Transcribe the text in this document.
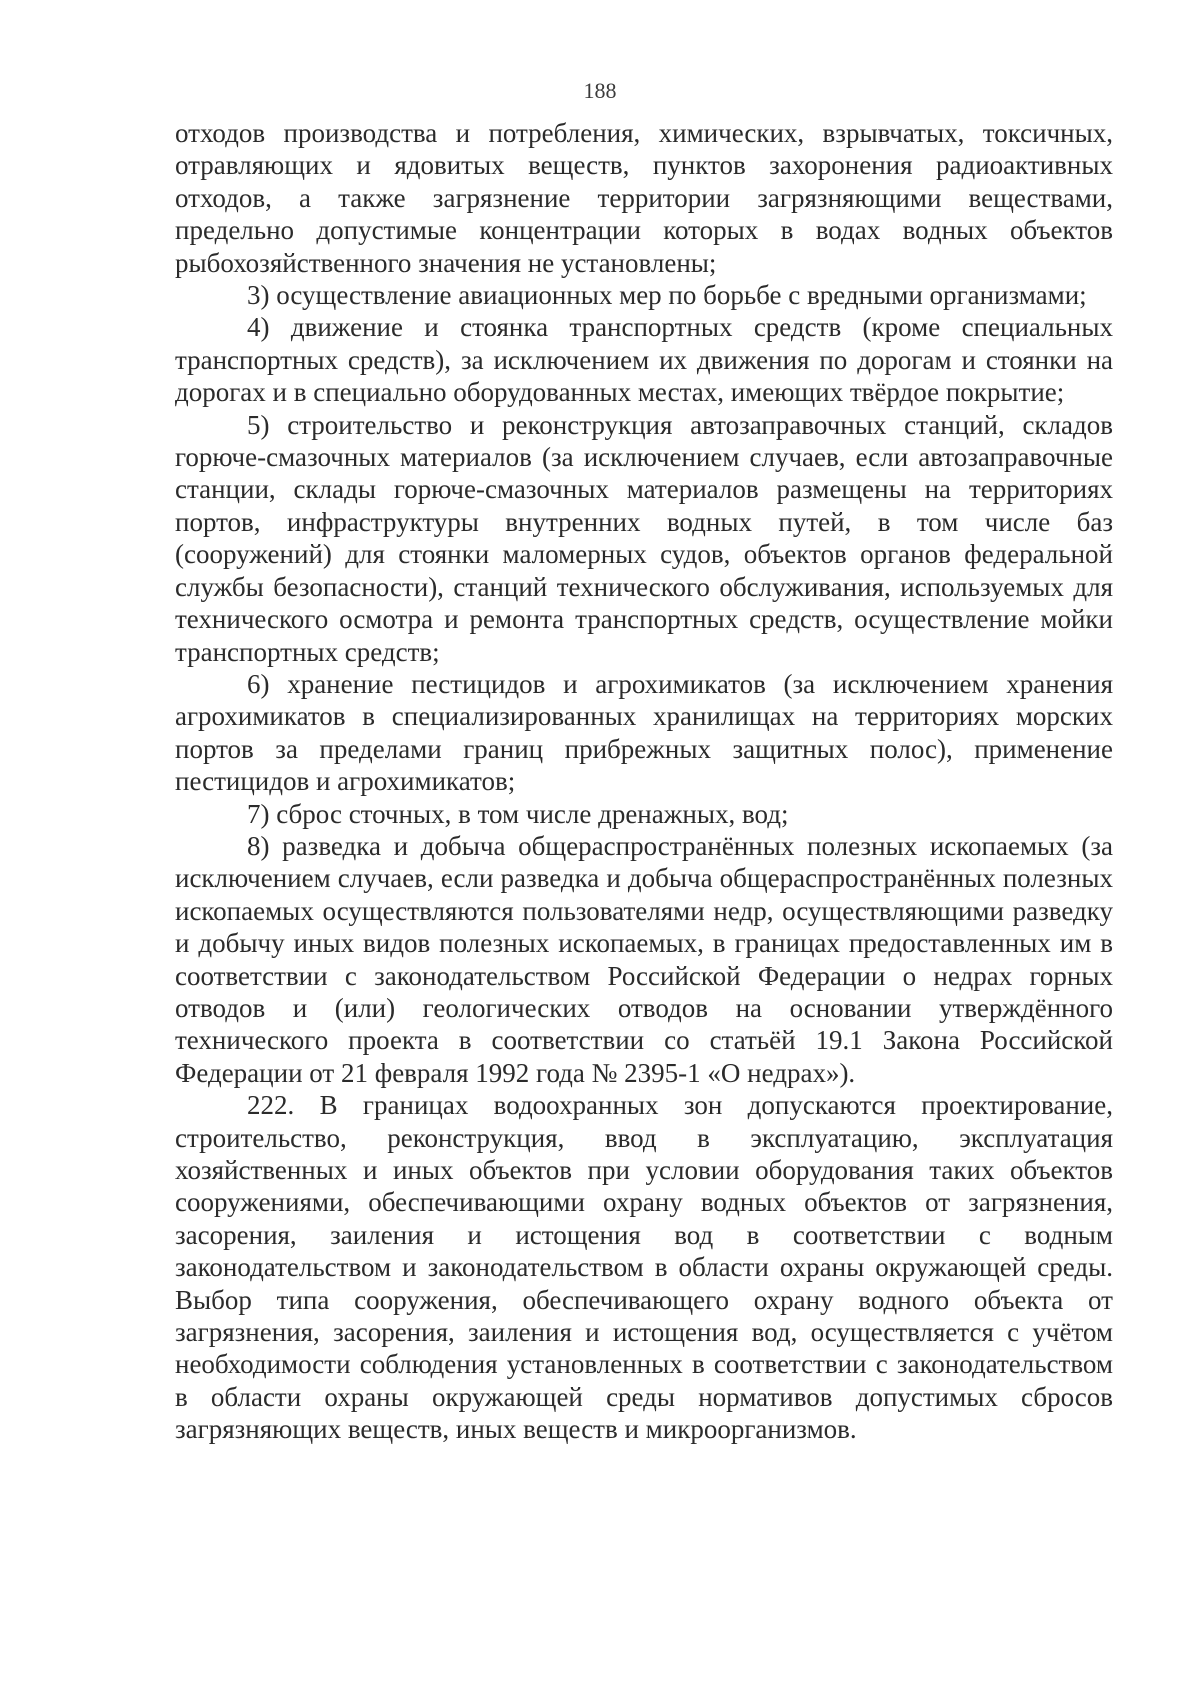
188

отходов производства и потребления, химических, взрывчатых, токсичных, отравляющих и ядовитых веществ, пунктов захоронения радиоактивных отходов, а также загрязнение территории загрязняющими веществами, предельно допустимые концентрации которых в водах водных объектов рыбохозяйственного значения не установлены;

3) осуществление авиационных мер по борьбе с вредными организмами;

4) движение и стоянка транспортных средств (кроме специальных транспортных средств), за исключением их движения по дорогам и стоянки на дорогах и в специально оборудованных местах, имеющих твёрдое покрытие;

5) строительство и реконструкция автозаправочных станций, складов горюче-смазочных материалов (за исключением случаев, если автозаправочные станции, склады горюче-смазочных материалов размещены на территориях портов, инфраструктуры внутренних водных путей, в том числе баз (сооружений) для стоянки маломерных судов, объектов органов федеральной службы безопасности), станций технического обслуживания, используемых для технического осмотра и ремонта транспортных средств, осуществление мойки транспортных средств;

6) хранение пестицидов и агрохимикатов (за исключением хранения агрохимикатов в специализированных хранилищах на территориях морских портов за пределами границ прибрежных защитных полос), применение пестицидов и агрохимикатов;

7) сброс сточных, в том числе дренажных, вод;

8) разведка и добыча общераспространённых полезных ископаемых (за исключением случаев, если разведка и добыча общераспространённых полезных ископаемых осуществляются пользователями недр, осуществляющими разведку и добычу иных видов полезных ископаемых, в границах предоставленных им в соответствии с законодательством Российской Федерации о недрах горных отводов и (или) геологических отводов на основании утверждённого технического проекта в соответствии со статьёй 19.1 Закона Российской Федерации от 21 февраля 1992 года № 2395-1 «О недрах»).

222. В границах водоохранных зон допускаются проектирование, строительство, реконструкция, ввод в эксплуатацию, эксплуатация хозяйственных и иных объектов при условии оборудования таких объектов сооружениями, обеспечивающими охрану водных объектов от загрязнения, засорения, заиления и истощения вод в соответствии с водным законодательством и законодательством в области охраны окружающей среды. Выбор типа сооружения, обеспечивающего охрану водного объекта от загрязнения, засорения, заиления и истощения вод, осуществляется с учётом необходимости соблюдения установленных в соответствии с законодательством в области охраны окружающей среды нормативов допустимых сбросов загрязняющих веществ, иных веществ и микроорганизмов.
